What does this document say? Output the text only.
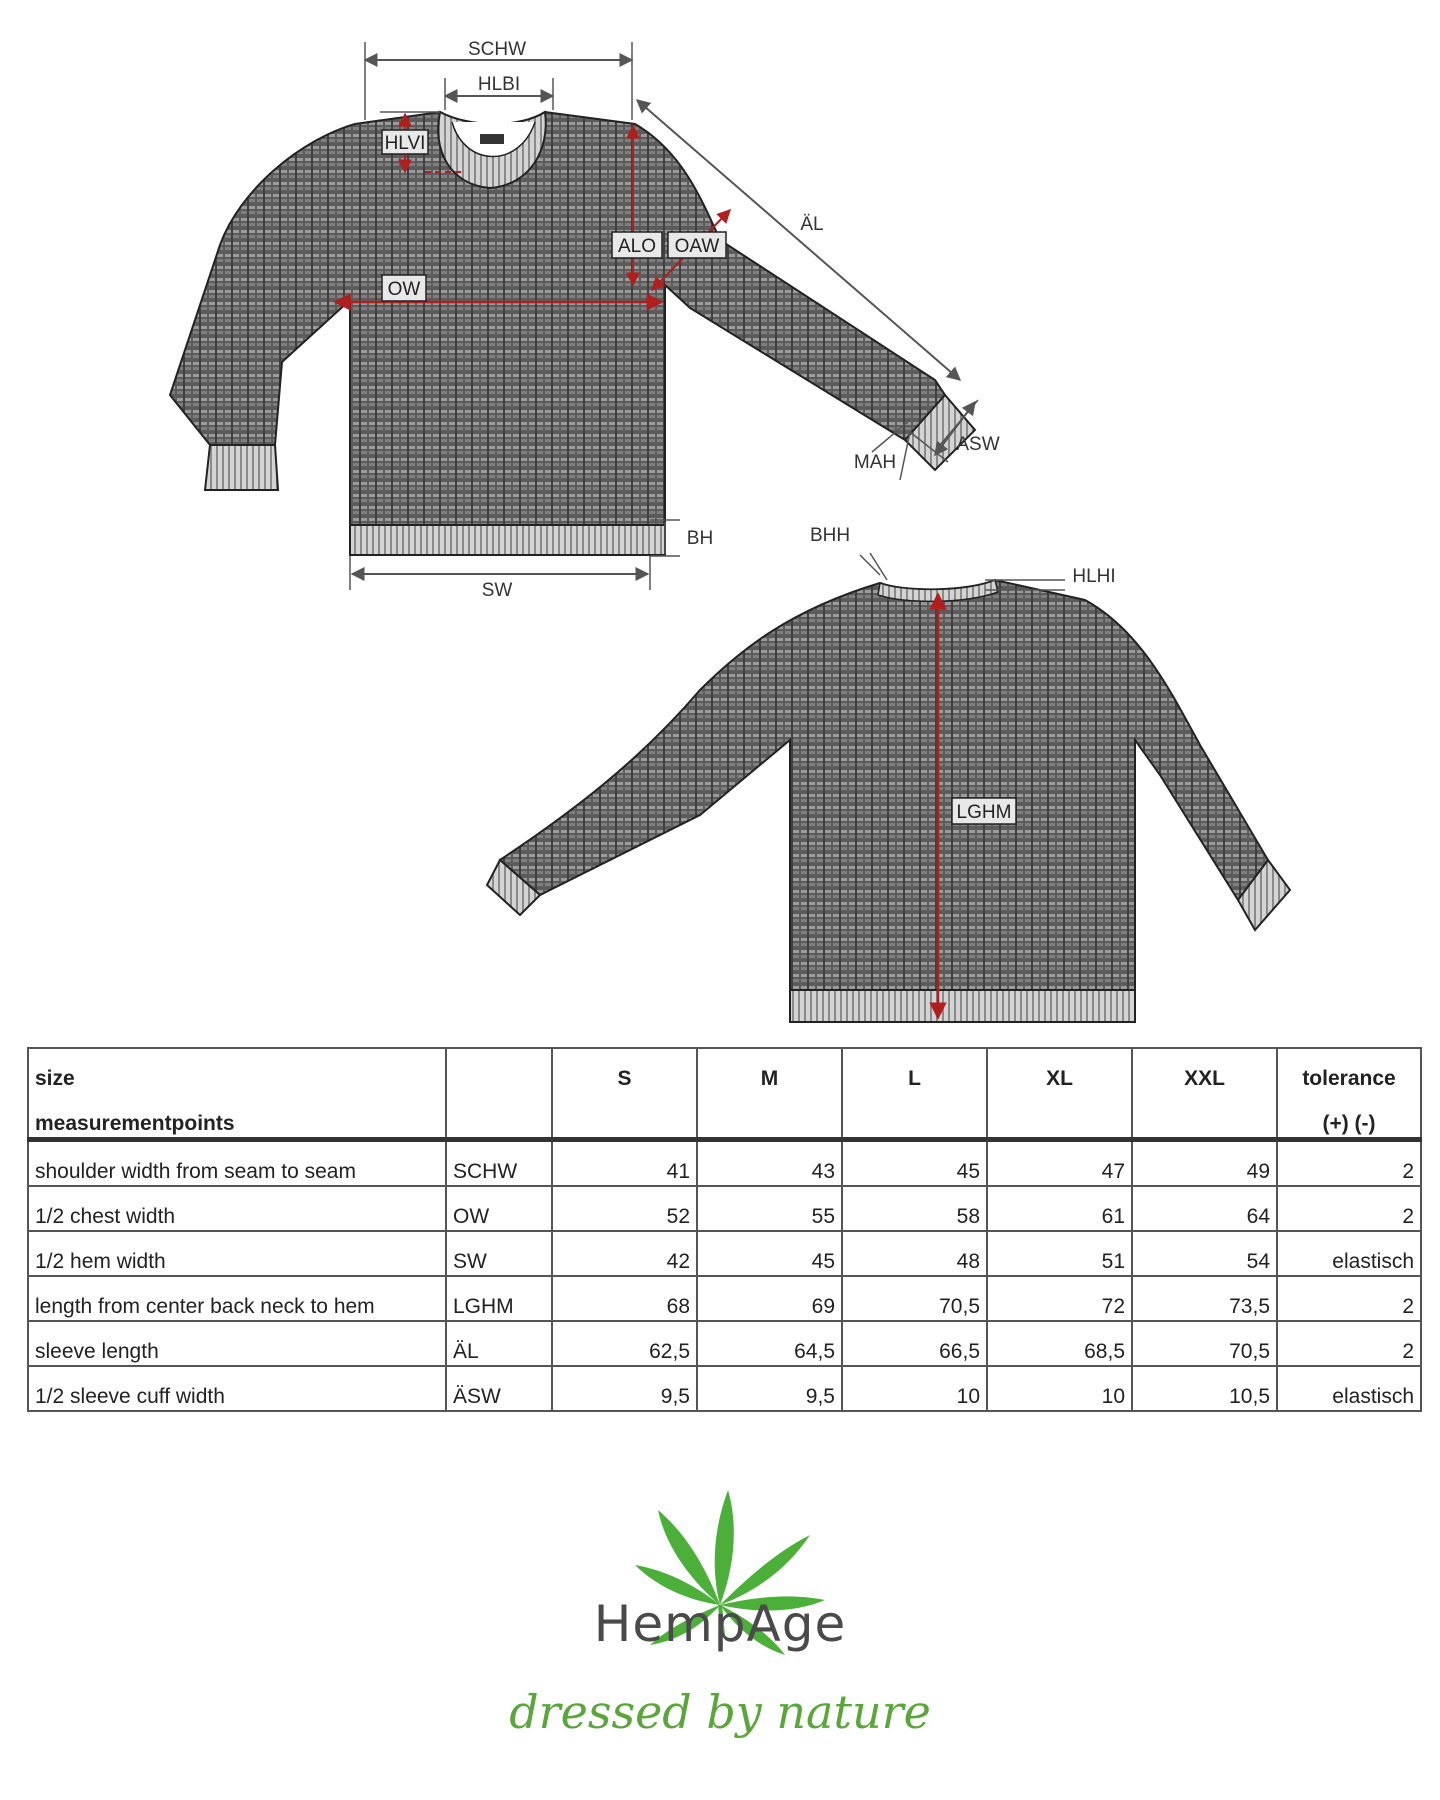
SCHW
HLBI
HLVI
ÄL
ALO OAW
OW
ASW
MAH
BH
SW
BHH
HLHI
LGHM
size		S	M	L	XL	XXL	tolerance
measurementpoints							(+) (-)
shoulder width from seam to seam	SCHW	41	43	45	47	49	2
1/2 chest width	OW	52	55	58	61	64	2
1/2 hem width	SW	42	45	48	51	54	elastisch
length from center back neck to hem	LGHM	68	69	70,5	72	73,5	2
sleeve length	ÄL	62,5	64,5	66,5	68,5	70,5	2
1/2 sleeve cuff width	ÄSW	9,5	9,5	10	10	10,5	elastisch
HempAge
dressed by nature
